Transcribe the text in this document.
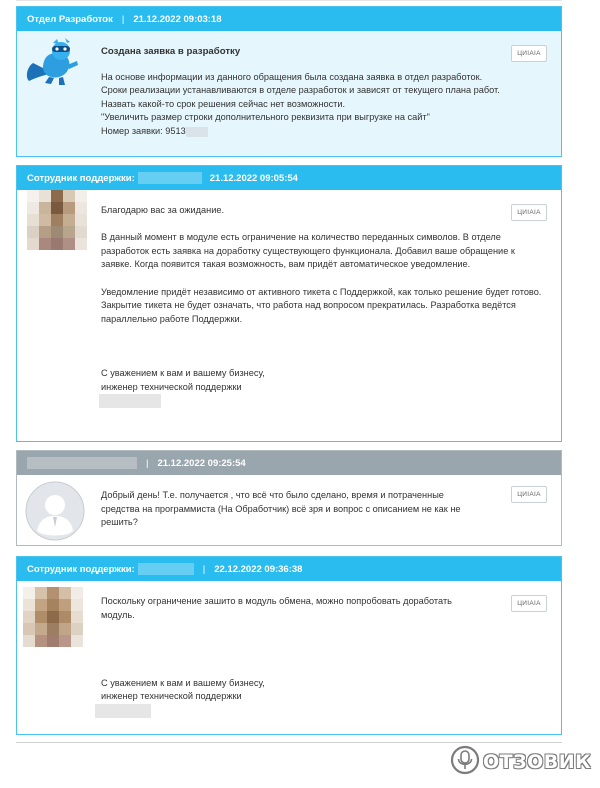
Отдел Разработок | 21.12.2022 09:03:18
ЦИІАІА

Создана заявка в разработку

На основе информации из данного обращения была создана заявка в отдел разработок.

Сроки реализации устанавливаются в отделе разработок и зависят от текущего плана работ.

Назвать какой-то срок решения сейчас нет возможности.

"Увеличить размер строки дополнительного реквизита при выгрузке на сайт"

Номер заявки: 9513

Сотрудник поддержки:	21.12.2022 09:05:54
ЦИІАІА

Благодарю вас за ожидание.

В данный момент в модуле есть ограничение на количество переданных символов. В отделе разработок есть заявка на доработку существующего функционала. Добавил ваше обращение к заявке. Когда появится такая возможность, вам придёт автоматическое уведомление.

Уведомление придёт независимо от активного тикета с Поддержкой, как только решение будет готово. Закрытие тикета не будет означать, что работа над вопросом прекратилась. Разработка ведётся параллельно работе Поддержки.

С уважением к вам и вашему бизнесу,

инженер технической поддержки

| 21.12.2022 09:25:54
ЦИІАІА

Добрый день! Т.е. получается , что всё что было сделано, время и потраченные средства на программиста (На Обработчик) всё зря и вопрос с описанием не как не решить?

Сотрудник поддержки:	| 22.12.2022 09:36:38
ЦИІАІА

Поскольку ограничение зашито в модуль обмена, можно попробовать доработать модуль.

С уважением к вам и вашему бизнесу,

инженер технической поддержки

ОТЗОВИК
